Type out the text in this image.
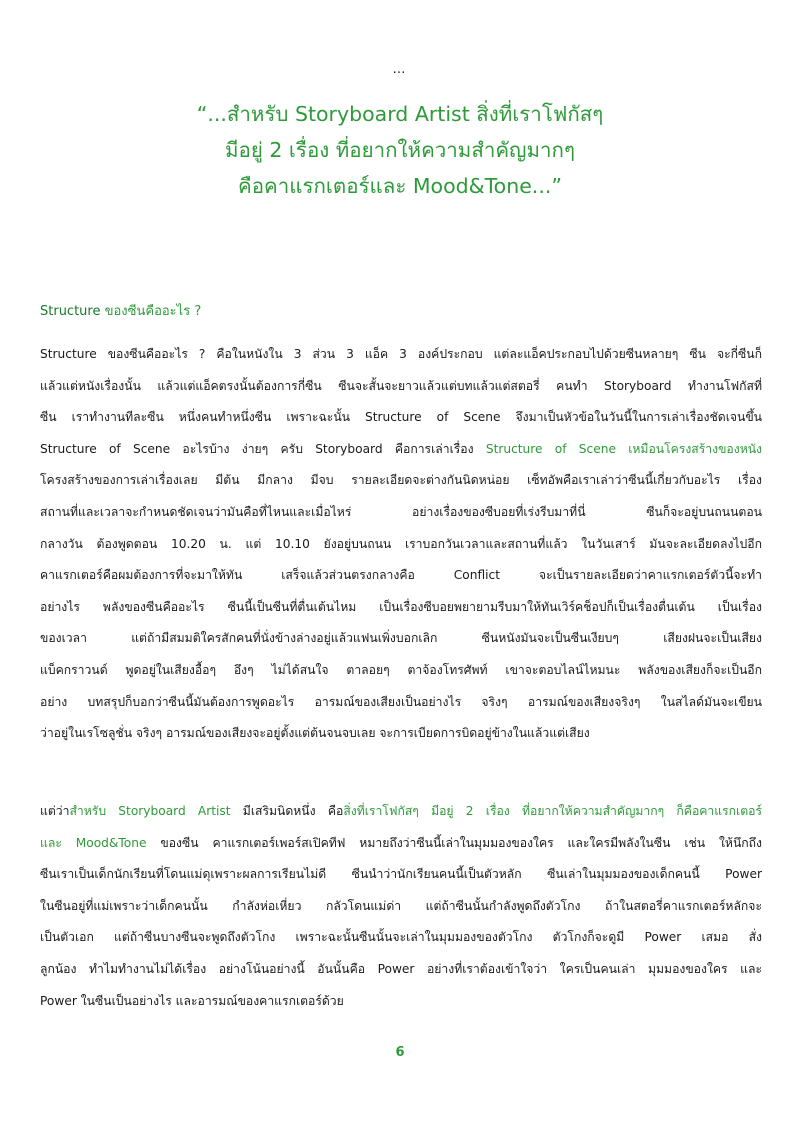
…
“...สำหรับ Storyboard Artist สิ่งที่เราโฟกัสๆ
มีอยู่ 2 เรื่อง ที่อยากให้ความสำคัญมากๆ
คือคาแรกเตอร์และ Mood&Tone...”
Structure ของซีนคืออะไร ?
Structure ของซีนคืออะไร ? คือในหนังใน 3 ส่วน 3 แอ็ค 3 องค์ประกอบ แต่ละแอ็คประกอบไปด้วยซีนหลายๆ ซีน จะกี่ซีนก็
แล้วแต่หนังเรื่องนั้น แล้วแต่แอ็คตรงนั้นต้องการกี่ซีน ซีนจะสั้นจะยาวแล้วแต่บทแล้วแต่สตอรี่ คนทำ Storyboard ทำงานโฟกัสที่
ซีน เราทำงานทีละซีน หนึ่งคนทำหนึ่งซีน เพราะฉะนั้น Structure of Scene จึงมาเป็นหัวข้อในวันนี้ในการเล่าเรื่องชัดเจนขึ้น
Structure of Scene อะไรบ้าง ง่ายๆ ครับ Storyboard คือการเล่าเรื่อง Structure of Scene เหมือนโครงสร้างของหนัง
โครงสร้างของการเล่าเรื่องเลย มีต้น มีกลาง มีจบ รายละเอียดจะต่างกันนิดหน่อย เซ็ทอัพคือเราเล่าว่าซีนนี้เกี่ยวกับอะไร เรื่อง
สถานที่และเวลาจะกำหนดชัดเจนว่ามันคือที่ไหนและเมื่อไหร่ อย่างเรื่องของซีบอยที่เร่งรีบมาที่นี่ ซีนก็จะอยู่บนถนนตอน
กลางวัน ต้องพูดตอน 10.20 น. แต่ 10.10 ยังอยู่บนถนน เราบอกวันเวลาและสถานที่แล้ว ในวันเสาร์ มันจะละเอียดลงไปอีก
คาแรกเตอร์คือผมต้องการที่จะมาให้ทัน เสร็จแล้วส่วนตรงกลางคือ Conflict จะเป็นรายละเอียดว่าคาแรกเตอร์ตัวนี้จะทำ
อย่างไร พลังของซีนคืออะไร ซีนนี้เป็นซีนที่ตื่นเต้นไหม เป็นเรื่องซีบอยพยายามรีบมาให้ทันเวิร์คช็อปก็เป็นเรื่องตื่นเต้น เป็นเรื่อง
ของเวลา แต่ถ้ามีสมมติใครสักคนที่นั่งข้างล่างอยู่แล้วแฟนเพิ่งบอกเลิก ซีนหนังมันจะเป็นซีนเงียบๆ เสียงฝนจะเป็นเสียง
แบ็คกราวนด์ พูดอยู่ในเสียงอื้อๆ อึงๆ ไม่ได้สนใจ ตาลอยๆ ตาจ้องโทรศัพท์ เขาจะตอบไลน์ไหมนะ พลังของเสียงก็จะเป็นอีก
อย่าง บทสรุปก็บอกว่าซีนนี้มันต้องการพูดอะไร อารมณ์ของเสียงเป็นอย่างไร จริงๆ อารมณ์ของเสียงจริงๆ ในสไลด์มันจะเขียน
ว่าอยู่ในเรโซลูชั่น จริงๆ อารมณ์ของเสียงจะอยู่ตั้งแต่ต้นจนจบเลย จะการเบียดการบิดอยู่ข้างในแล้วแต่เสียง
แต่ว่าสำหรับ Storyboard Artist มีเสริมนิดหนึ่ง คือสิ่งที่เราโฟกัสๆ มีอยู่ 2 เรื่อง ที่อยากให้ความสำคัญมากๆ ก็คือคาแรกเตอร์
และ Mood&Tone ของซีน คาแรกเตอร์เพอร์สเปิคทีฟ หมายถึงว่าซีนนี้เล่าในมุมมองของใคร และใครมีพลังในซีน เช่น ให้นึกถึง
ซีนเราเป็นเด็กนักเรียนที่โดนแม่ดุเพราะผลการเรียนไม่ดี ซีนนำว่านักเรียนคนนี้เป็นตัวหลัก ซีนเล่าในมุมมองของเด็กคนนี้ Power
ในซีนอยู่ที่แม่เพราะว่าเด็กคนนั้น กำลังห่อเหี่ยว กลัวโดนแม่ด่า แต่ถ้าซีนนั้นกำลังพูดถึงตัวโกง ถ้าในสตอรี่คาแรกเตอร์หลักจะ
เป็นตัวเอก แต่ถ้าซีนบางซีนจะพูดถึงตัวโกง เพราะฉะนั้นซีนนั้นจะเล่าในมุมมองของตัวโกง ตัวโกงก็จะดูมี Power เสมอ สั่ง
ลูกน้อง ทำไมทำงานไม่ได้เรื่อง อย่างโน้นอย่างนี้ อันนั้นคือ Power อย่างที่เราต้องเข้าใจว่า ใครเป็นคนเล่า มุมมองของใคร และ
Power ในซีนเป็นอย่างไร และอารมณ์ของคาแรกเตอร์ด้วย
6
